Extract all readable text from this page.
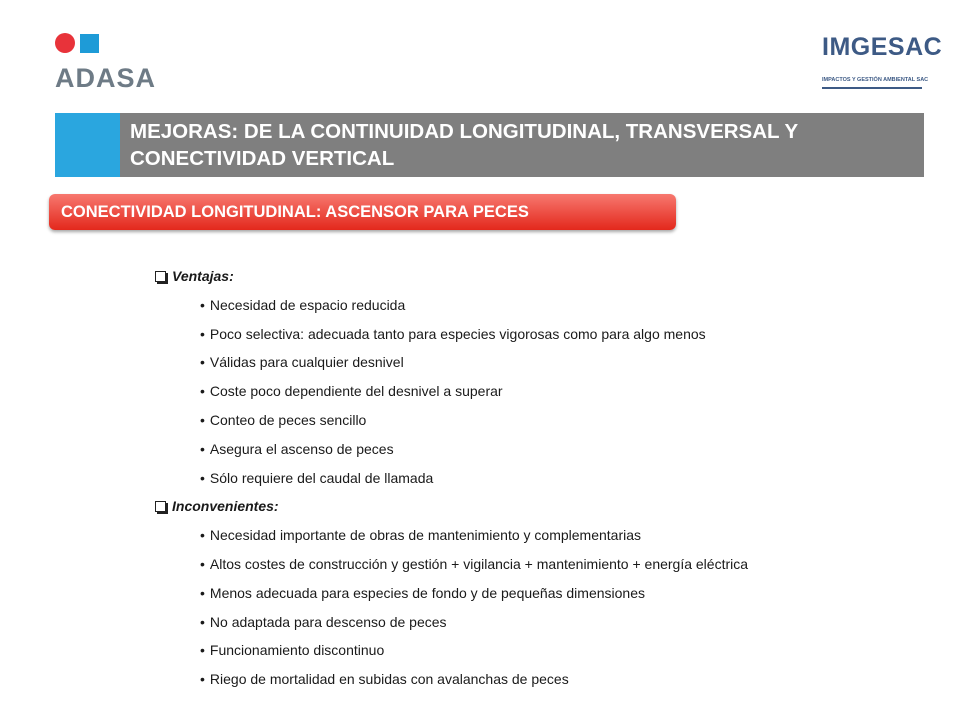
ADASA
IMGESAC
IMPACTOS Y GESTIÓN AMBIENTAL SAC
MEJORAS: DE LA CONTINUIDAD LONGITUDINAL, TRANSVERSAL Y CONECTIVIDAD VERTICAL
CONECTIVIDAD LONGITUDINAL: ASCENSOR PARA PECES
Ventajas:
• Necesidad de espacio reducida
• Poco selectiva: adecuada tanto para especies vigorosas como para algo menos
• Válidas para cualquier desnivel
• Coste poco dependiente del desnivel a superar
• Conteo de peces sencillo
• Asegura el ascenso de peces
• Sólo requiere del caudal de llamada
Inconvenientes:
• Necesidad importante de obras de mantenimiento y complementarias
• Altos costes de construcción y gestión + vigilancia + mantenimiento + energía eléctrica
• Menos adecuada para especies de fondo y de pequeñas dimensiones
• No adaptada para descenso de peces
• Funcionamiento discontinuo
• Riego de mortalidad en subidas con avalanchas de peces
